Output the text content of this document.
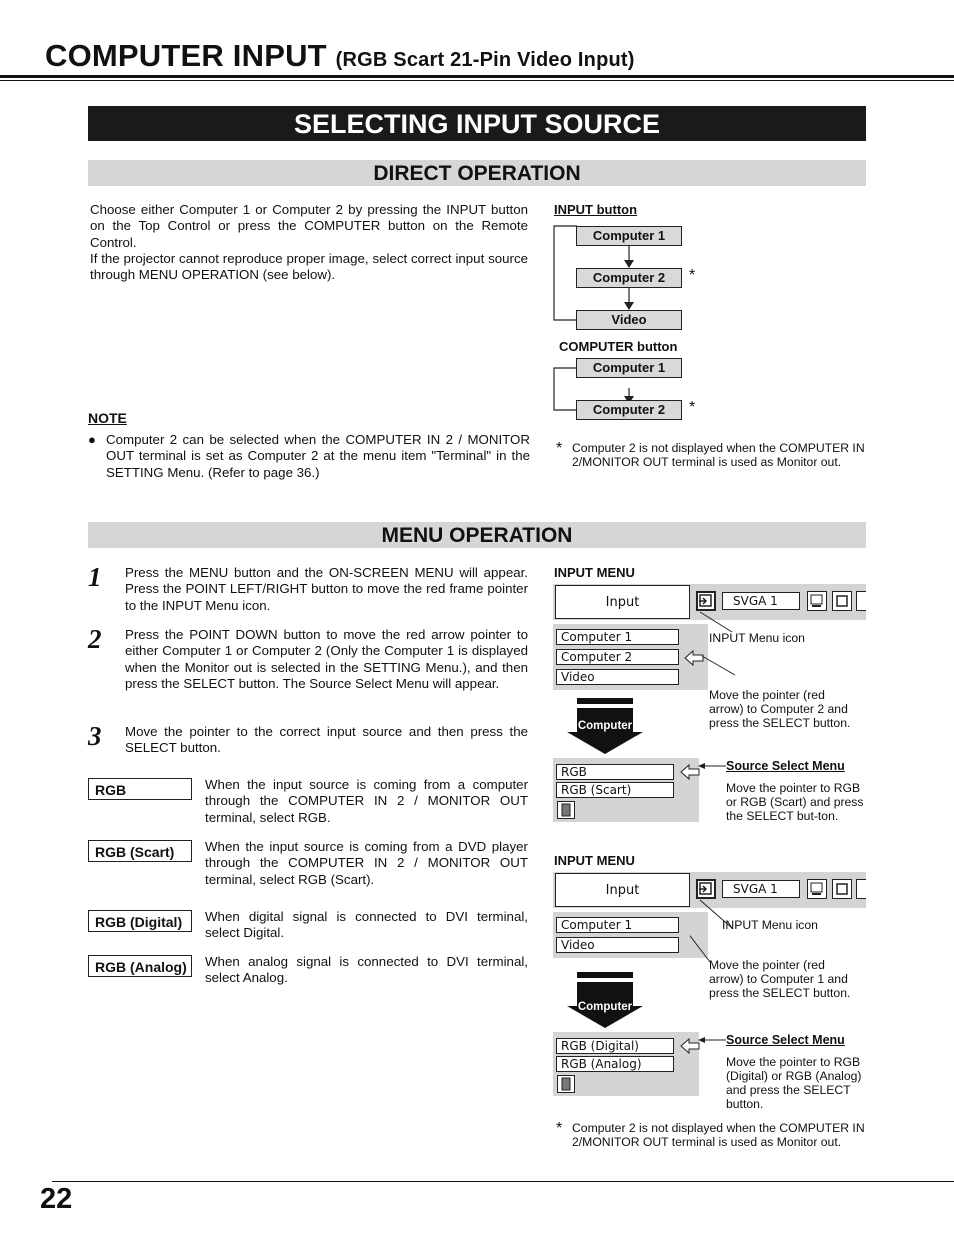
COMPUTER INPUT (RGB Scart 21-Pin Video Input)
SELECTING INPUT SOURCE
DIRECT OPERATION
Choose either Computer 1 or Computer 2 by pressing the INPUT button on the Top Control or press the COMPUTER button on the Remote Control.
If the projector cannot reproduce proper image, select correct input source through MENU OPERATION (see below).
INPUT button
Computer 1
Computer 2	*
Video
COMPUTER button
Computer 1
Computer 2	*
* Computer 2 is not displayed when the COMPUTER IN 2/MONITOR OUT terminal is used as Monitor out.
NOTE
● Computer 2 can be selected when the COMPUTER IN 2 / MONITOR OUT terminal is set as Computer 2 at the menu item "Terminal" in the SETTING Menu. (Refer to page 36.)
MENU OPERATION
1 Press the MENU button and the ON-SCREEN MENU will appear. Press the POINT LEFT/RIGHT button to move the red frame pointer to the INPUT Menu icon.
2 Press the POINT DOWN button to move the red arrow pointer to either Computer 1 or Computer 2 (Only the Computer 1 is displayed when the Monitor out is selected in the SETTING Menu.), and then press the SELECT button. The Source Select Menu will appear.
3 Move the pointer to the correct input source and then press the SELECT button.
RGB	When the input source is coming from a computer through the COMPUTER IN 2 / MONITOR OUT terminal, select RGB.
RGB (Scart)	When the input source is coming from a DVD player through the COMPUTER IN 2 / MONITOR OUT terminal, select RGB (Scart).
RGB (Digital)	When digital signal is connected to DVI terminal, select Digital.
RGB (Analog)	When analog signal is connected to DVI terminal, select Analog.
INPUT MENU
Input	SVGA 1
Computer 1
Computer 2
Video
INPUT Menu icon
Move the pointer (red arrow) to Computer 2 and press the SELECT button.
Computer
RGB
RGB (Scart)
Source Select Menu
Move the pointer to RGB or RGB (Scart) and press the SELECT but-ton.
INPUT MENU
Input	SVGA 1
Computer 1
Video
INPUT Menu icon
Move the pointer (red arrow) to Computer 1 and press the SELECT button.
Computer
RGB (Digital)
RGB (Analog)
Source Select Menu
Move the pointer to RGB (Digital) or RGB (Analog) and press the SELECT button.
* Computer 2 is not displayed when the COMPUTER IN 2/MONITOR OUT terminal is used as Monitor out.
22
